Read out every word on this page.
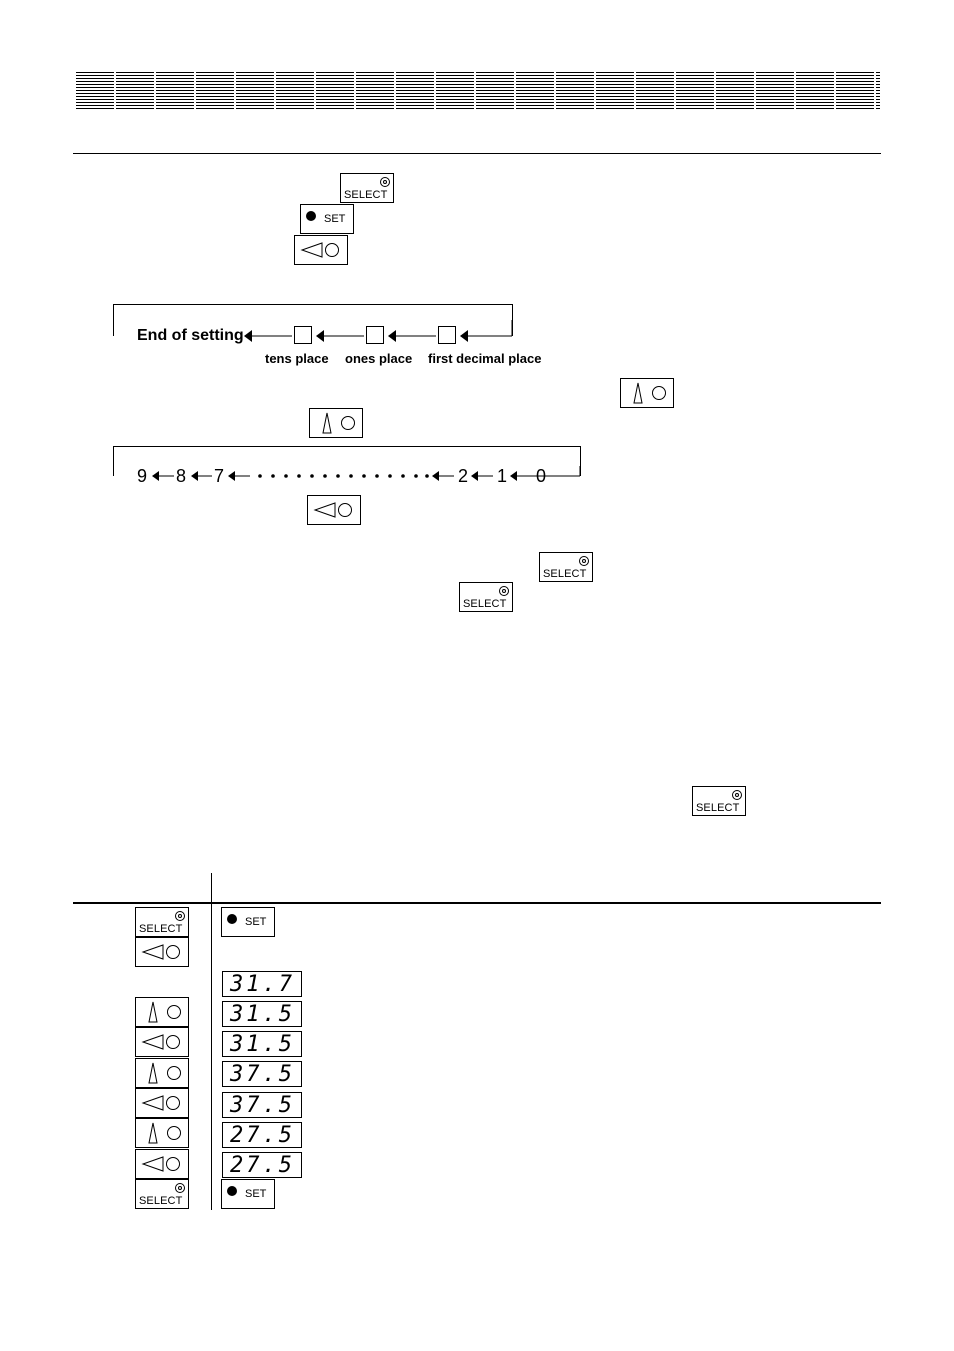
SELECT
SET
End of setting
tens place ones place first decimal place
9 8 7	2 1 0
SELECT
SELECT
SELECT
SELECT
SELECT
SET
31.7
31.5
31.5
37.5
37.5
27.5
27.5
SET
